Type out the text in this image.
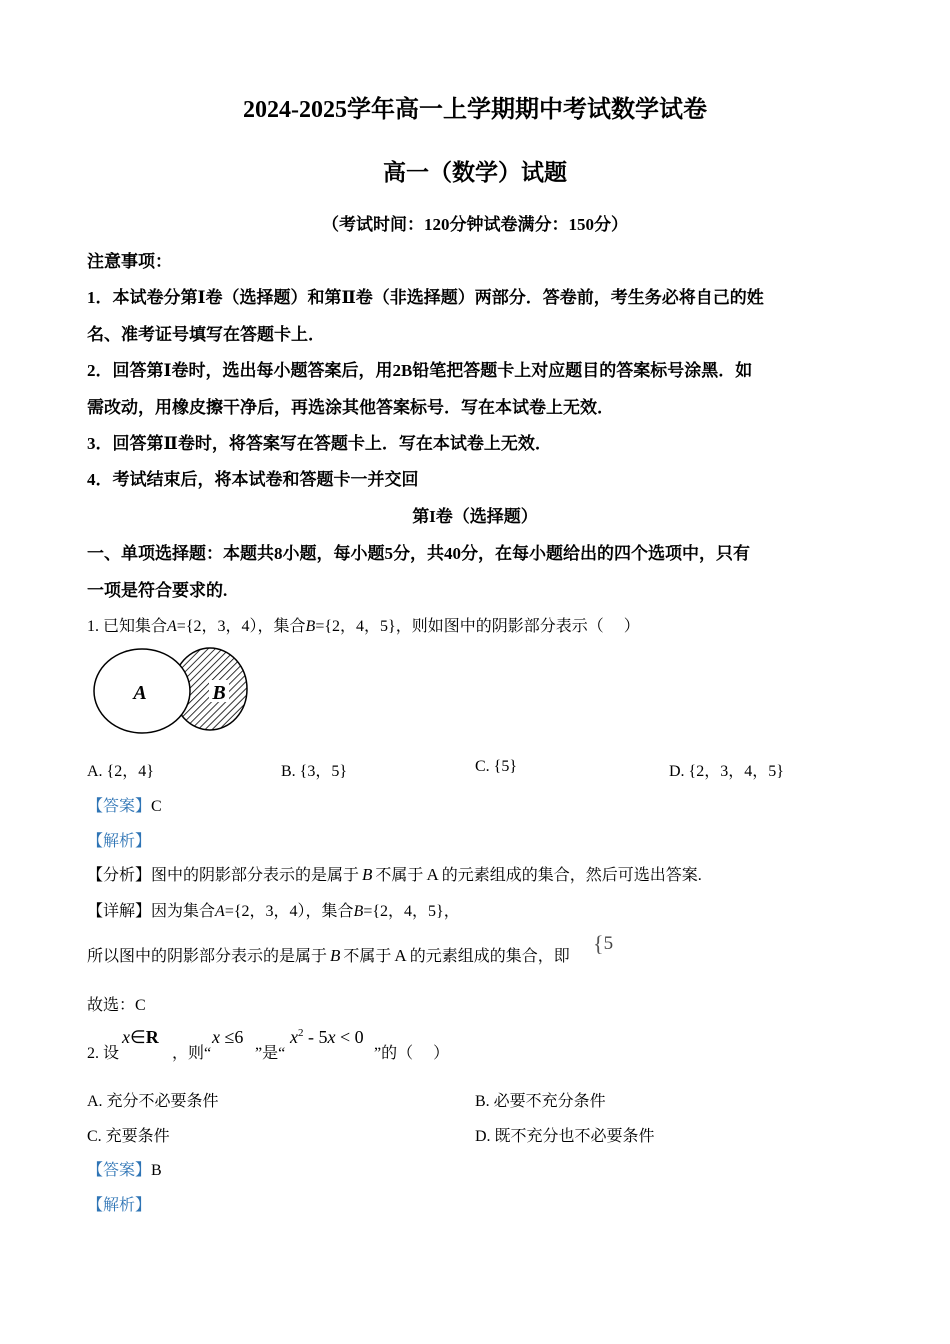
2024-2025学年高一上学期期中考试数学试卷
高一（数学）试题
（考试时间：120分钟试卷满分：150分）
注意事项：
1．本试卷分第Ⅰ卷（选择题）和第Ⅱ卷（非选择题）两部分．答卷前，考生务必将自己的姓
名、准考证号填写在答题卡上．
2．回答第Ⅰ卷时，选出每小题答案后，用2B铅笔把答题卡上对应题目的答案标号涂黑．如
需改动，用橡皮擦干净后，再选涂其他答案标号．写在本试卷上无效．
3．回答第Ⅱ卷时，将答案写在答题卡上．写在本试卷上无效．
4．考试结束后，将本试卷和答题卡一并交回
第I卷（选择题）
一、单项选择题：本题共8小题，每小题5分，共40分，在每小题给出的四个选项中，只有
一项是符合要求的.
1. 已知集合A={2，3，4），集合B={2，4，5}，则如图中的阴影部分表示（　 ）
A	B
A. {2，4}	B. {3，5}	C. {5}	D. {2，3，4，5}
【答案】C
【解析】
【分析】图中的阴影部分表示的是属于 B 不属于 A 的元素组成的集合，然后可选出答案.
【详解】因为集合A={2，3，4），集合B={2，4，5}，
所以图中的阴影部分表示的是属于 B 不属于 A 的元素组成的集合，即
{5
故选：C
2. 设
x∈R
，则“
x ≤6
”是“
$x^2 - 5x < 0$
”的（　 ）
A. 充分不必要条件	B. 必要不充分条件
C. 充要条件	D. 既不充分也不必要条件
【答案】B
【解析】
